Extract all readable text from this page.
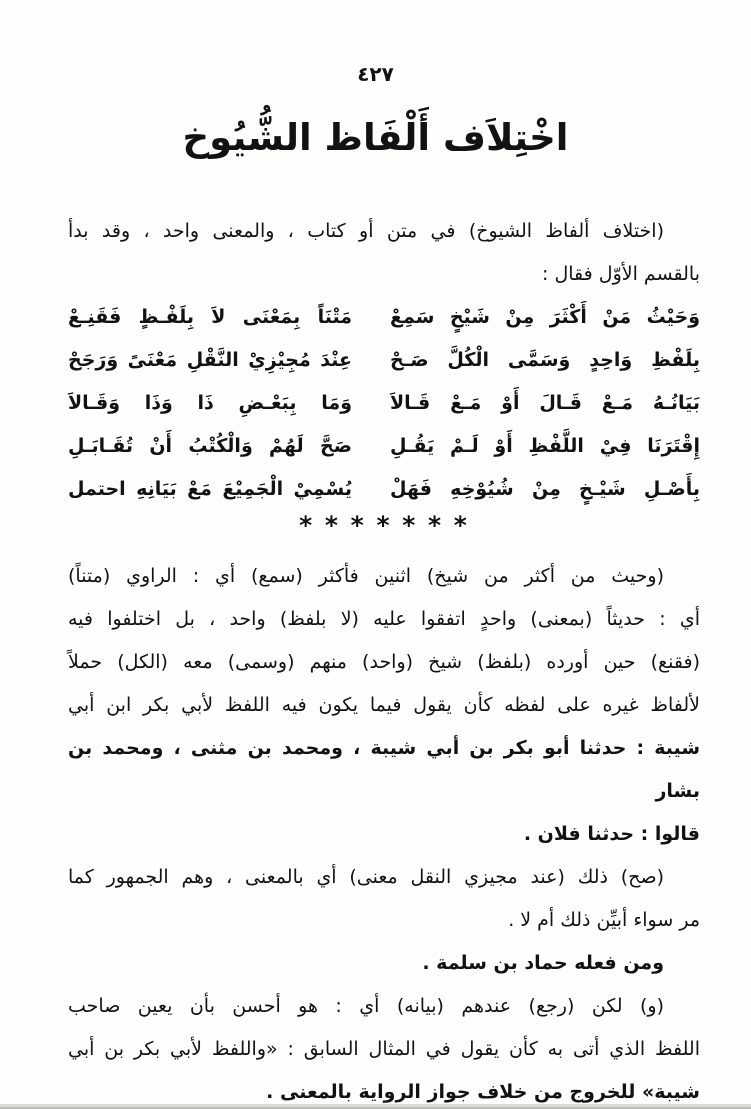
٤٢٧
اخْتِلاَف أَلْفَاظ الشُّيُوخ

(اختلاف ألفاظ الشيوخ) في متن أو كتاب ، والمعنى واحد ، وقد بدأ

بالقسم الأوّل فقال :

وَحَيْثُ مَنْ أَكْثَرَ مِنْ شَيْخٍ سَمِعْ
مَتْنَاً بِمَعْنَى لاَ بِلَفْـظٍ فَقَنِـعْ
بِلَفْظِ وَاحِدٍ وَسَمَّى الْكُلَّ صَـحْ
عِنْدَ مُجِيْزِيْ النَّقْلِ مَعْنَىً وَرَجَحْ
بَيَانُـهُ مَـعْ قَـالَ أَوْ مَـعْ قَـالاَ
وَمَا بِبَعْـضِ ذَا وَذَا وَقَـالاَ
إِقْتَرَنَا فِيْ اللَّفْظِ أَوْ لَـمْ يَقُـلِ
صَحَّ لَهُمْ وَالْكُتْبُ أَنْ تُقَـابَـلِ
بِأَصْـلِ شَيْـخٍ مِنْ شُيُوْخِهِ فَهَلْ
يُسْمِيْ الْجَمِيْعَ مَعْ بَيَانِهِ احتمل
* * * * * * *

(وحيث من أكثر من شيخ) اثنين فأكثر (سمع) أي : الراوي (متناً)

أي : حديثاً (بمعنى) واحدٍ اتفقوا عليه (لا بلفظ) واحد ، بل اختلفوا فيه

(فقنع) حين أورده (بلفظ) شيخ (واحد) منهم (وسمى) معه (الكل) حملاً

لألفاظ غيره على لفظه كأن يقول فيما يكون فيه اللفظ لأبي بكر ابن أبي

شيبة : حدثنا أبو بكر بن أبي شيبة ، ومحمد بن مثنى ، ومحمد بن بشار

قالوا : حدثنا فلان .

(صح) ذلك (عند مجيزي النقل معنى) أي بالمعنى ، وهم الجمهور كما

مر سواء أبيِّن ذلك أم لا .

ومن فعله حماد بن سلمة .

(و) لكن (رجع) عندهم (بيانه) أي : هو أحسن بأن يعين صاحب

اللفظ الذي أتى به كأن يقول في المثال السابق : «واللفظ لأبي بكر بن أبي

شيبة» للخروج من خلاف جواز الرواية بالمعنى .
